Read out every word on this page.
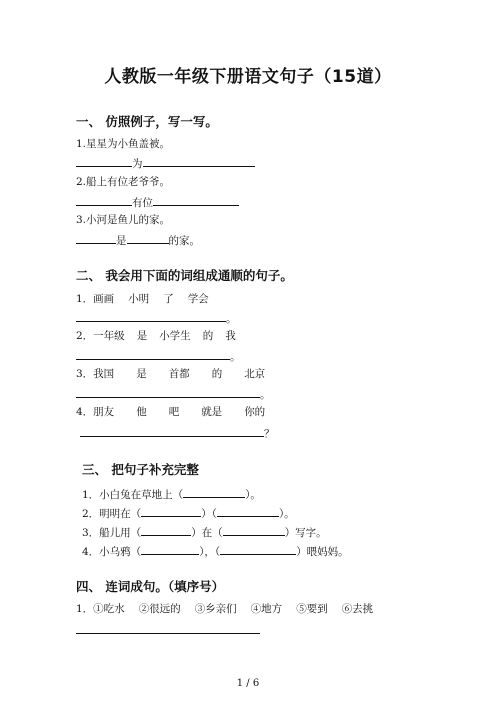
人教版一年级下册语文句子（15道）
一、 仿照例子，写一写。
1.星星为小鱼盖被。
为
2.船上有位老爷爷。
有位
3.小河是鱼儿的家。
是	的家。
二、 我会用下面的词组成通顺的句子。
1．画画 小明 了 学会
。
2．一年级 是 小学生 的 我
。
3．我国 是 首都 的 北京
。
4．朋友 他 吧 就是 你的
？
三、 把句子补充完整
1．小白兔在草地上（	）。
2．明明在（	）（	）。
3．船儿用（	）在（	）写字。
4．小乌鸦（	），（	）喂妈妈。
四、 连词成句。（填序号）
1．①吃水 ②很远的 ③乡亲们 ④地方 ⑤要到 ⑥去挑
1 / 6
